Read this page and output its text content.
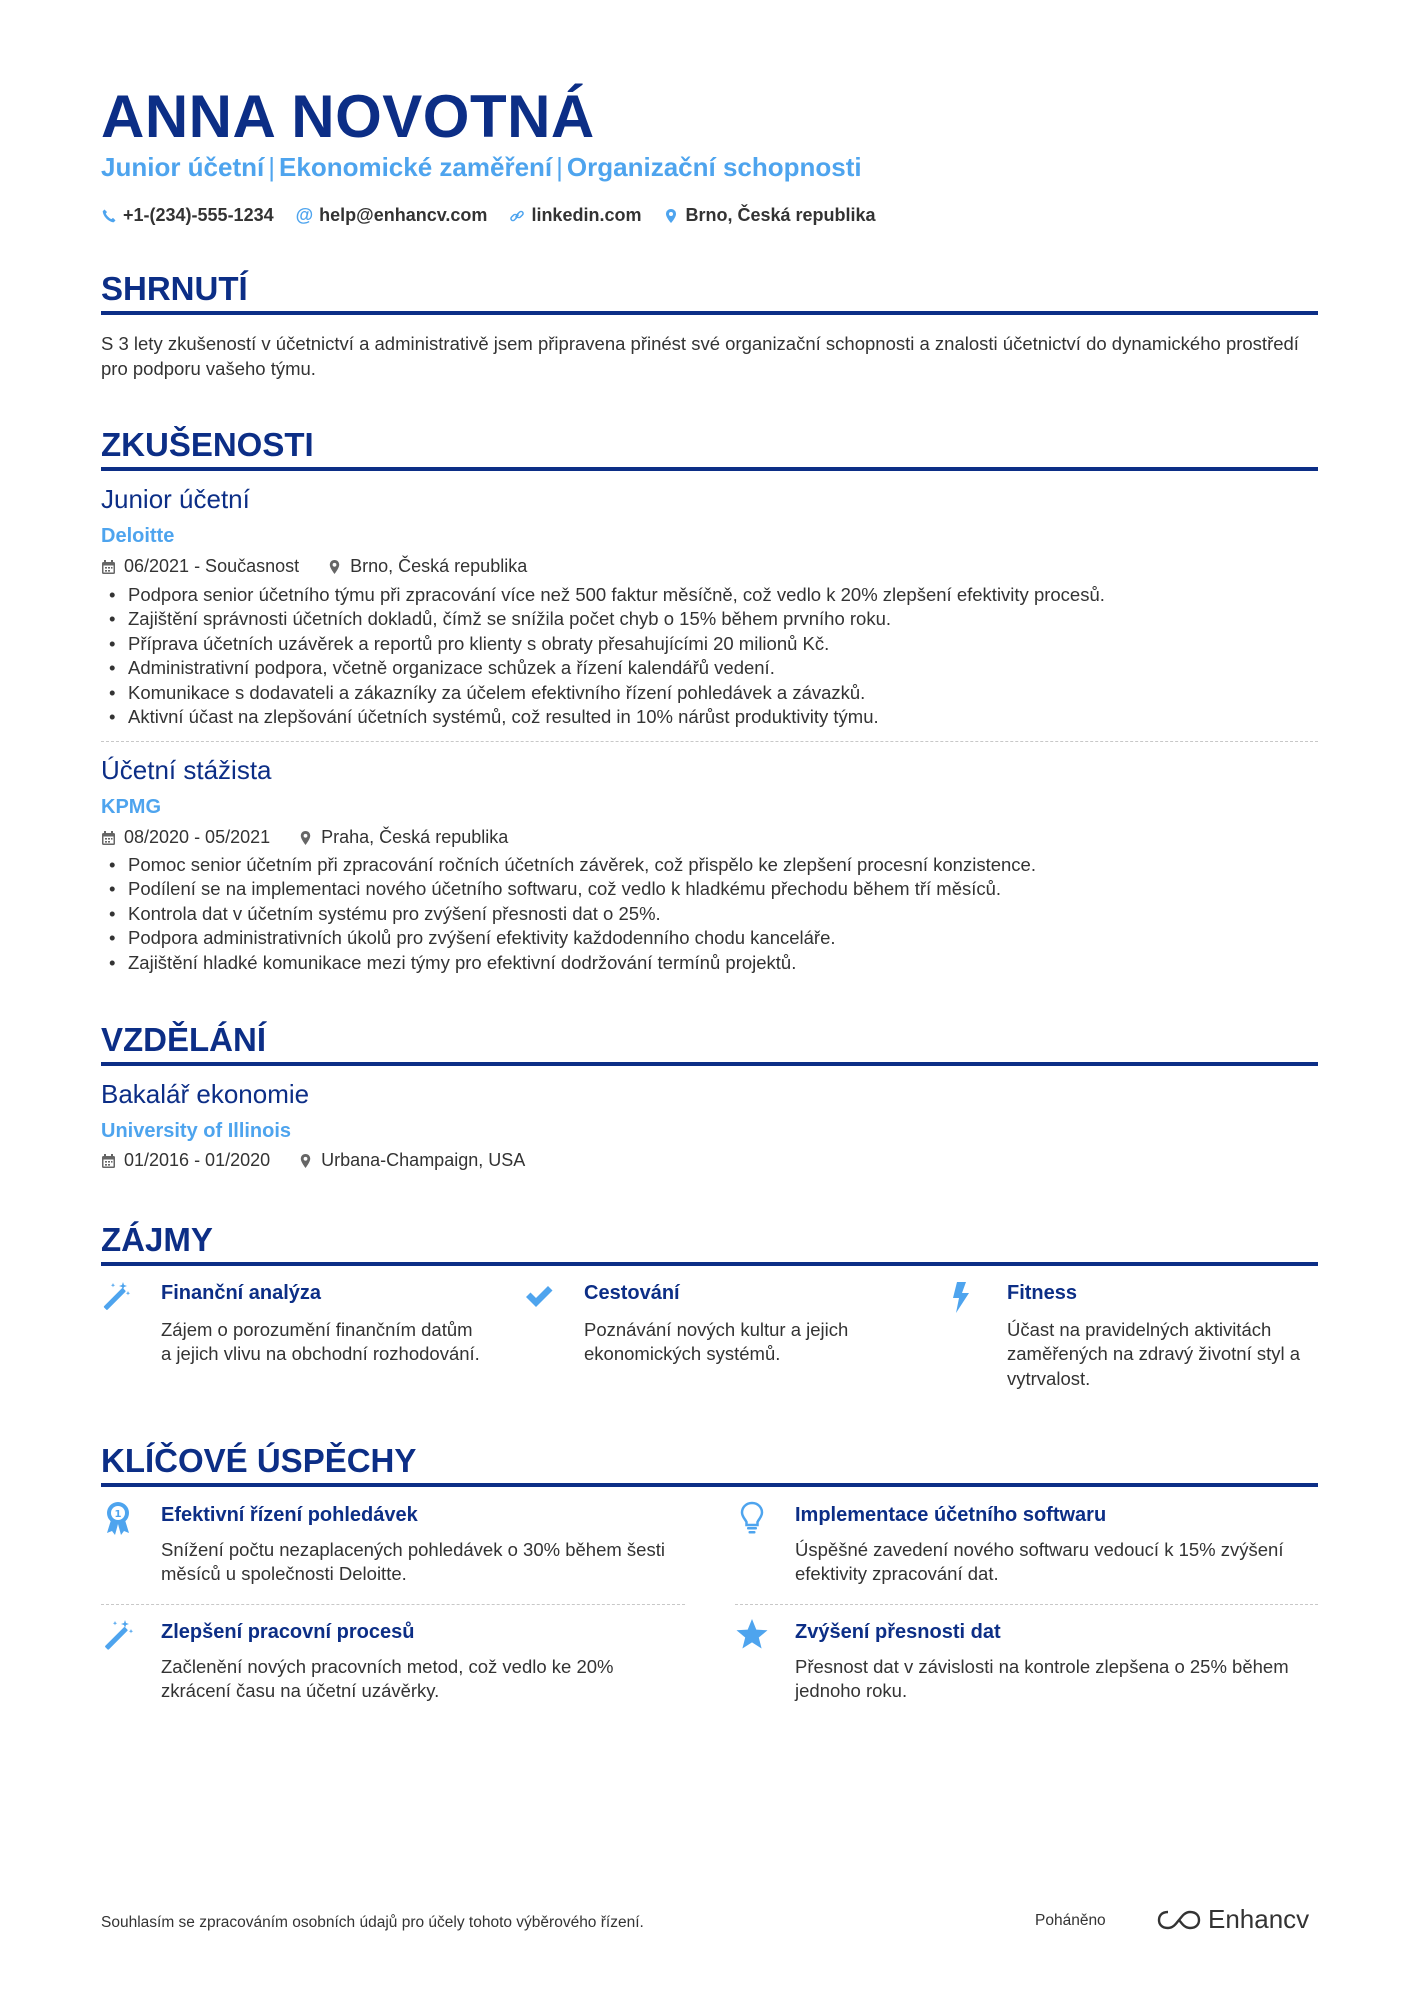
ANNA NOVOTNÁ
Junior účetní | Ekonomické zaměření | Organizační schopnosti
+1-(234)-555-1234 @ help@enhancv.com linkedin.com Brno, Česká republika
SHRNUTÍ
S 3 lety zkušeností v účetnictví a administrativě jsem připravena přinést své organizační schopnosti a znalosti účetnictví do dynamického prostředí pro podporu vašeho týmu.
ZKUŠENOSTI
Junior účetní
Deloitte
06/2021 - Současnost	Brno, Česká republika
• Podpora senior účetního týmu při zpracování více než 500 faktur měsíčně, což vedlo k 20% zlepšení efektivity procesů.
• Zajištění správnosti účetních dokladů, čímž se snížila počet chyb o 15% během prvního roku.
• Příprava účetních uzávěrek a reportů pro klienty s obraty přesahujícími 20 milionů Kč.
• Administrativní podpora, včetně organizace schůzek a řízení kalendářů vedení.
• Komunikace s dodavateli a zákazníky za účelem efektivního řízení pohledávek a závazků.
• Aktivní účast na zlepšování účetních systémů, což resulted in 10% nárůst produktivity týmu.
Účetní stážista
KPMG
08/2020 - 05/2021	Praha, Česká republika
• Pomoc senior účetním při zpracování ročních účetních závěrek, což přispělo ke zlepšení procesní konzistence.
• Podílení se na implementaci nového účetního softwaru, což vedlo k hladkému přechodu během tří měsíců.
• Kontrola dat v účetním systému pro zvýšení přesnosti dat o 25%.
• Podpora administrativních úkolů pro zvýšení efektivity každodenního chodu kanceláře.
• Zajištění hladké komunikace mezi týmy pro efektivní dodržování termínů projektů.
VZDĚLÁNÍ
Bakalář ekonomie
University of Illinois
01/2016 - 01/2020	Urbana-Champaign, USA
ZÁJMY
Finanční analýza
Zájem o porozumění finančním datům a jejich vlivu na obchodní rozhodování.
Cestování
Poznávání nových kultur a jejich ekonomických systémů.
Fitness
Účast na pravidelných aktivitách zaměřených na zdravý životní styl a vytrvalost.
KLÍČOVÉ ÚSPĚCHY
1 Efektivní řízení pohledávek
Snížení počtu nezaplacených pohledávek o 30% během šesti měsíců u společnosti Deloitte.
Implementace účetního softwaru
Úspěšné zavedení nového softwaru vedoucí k 15% zvýšení efektivity zpracování dat.
Zlepšení pracovní procesů
Začlenění nových pracovních metod, což vedlo ke 20% zkrácení času na účetní uzávěrky.
Zvýšení přesnosti dat
Přesnost dat v závislosti na kontrole zlepšena o 25% během jednoho roku.
Souhlasím se zpracováním osobních údajů pro účely tohoto výběrového řízení.	Poháněno	Enhancv
